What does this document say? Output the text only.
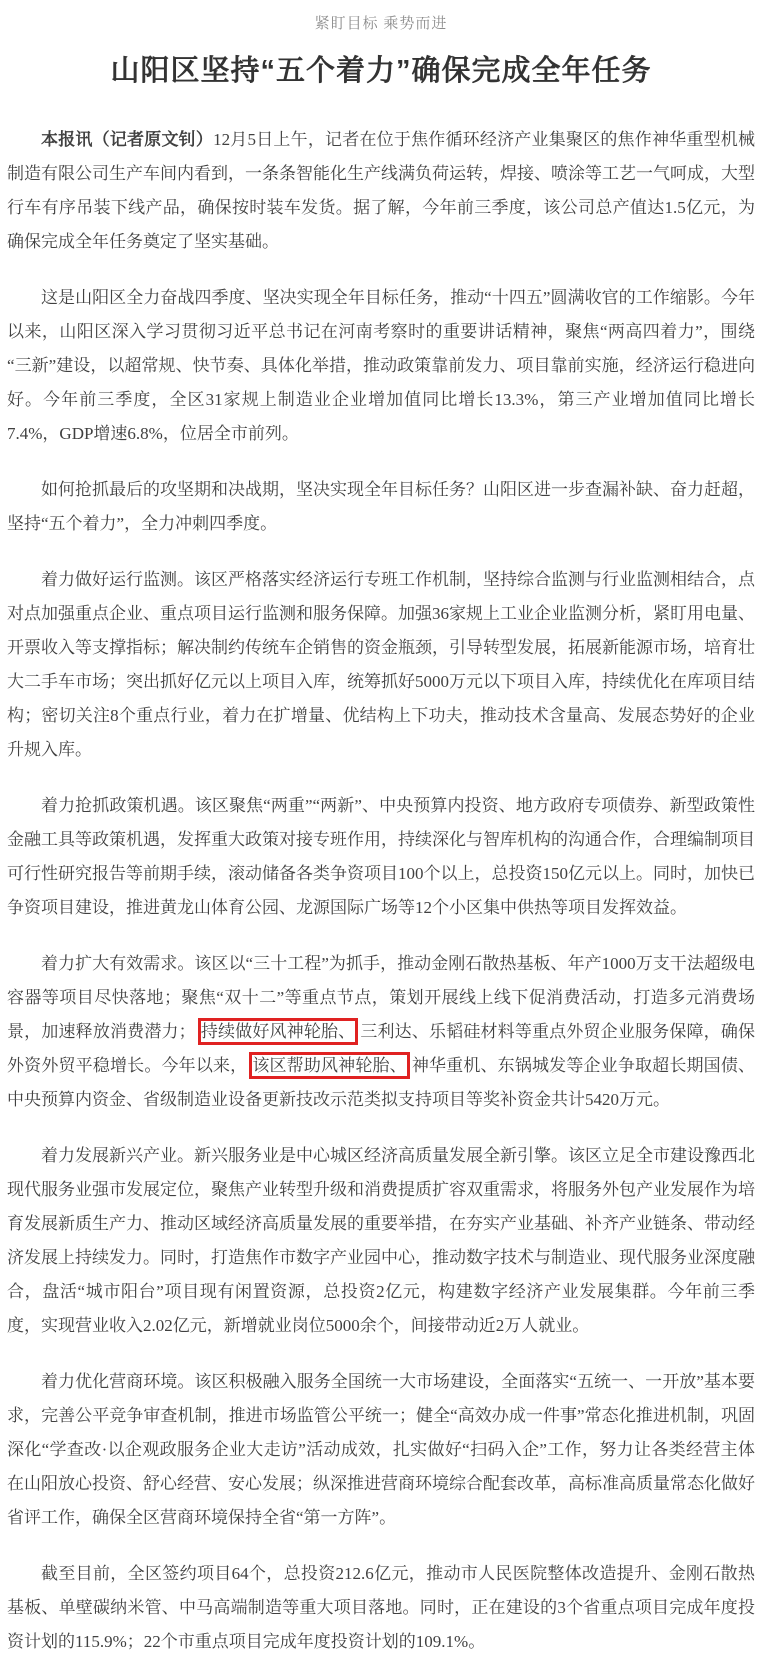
紧盯目标 乘势而进

山阳区坚持“五个着力”确保完成全年任务

本报讯（记者原文钊）12月5日上午，记者在位于焦作循环经济产业集聚区的焦作神华重型机械制造有限公司生产车间内看到，一条条智能化生产线满负荷运转，焊接、喷涂等工艺一气呵成，大型行车有序吊装下线产品，确保按时装车发货。据了解，今年前三季度，该公司总产值达1.5亿元，为确保完成全年任务奠定了坚实基础。

这是山阳区全力奋战四季度、坚决实现全年目标任务，推动“十四五”圆满收官的工作缩影。今年以来，山阳区深入学习贯彻习近平总书记在河南考察时的重要讲话精神，聚焦“两高四着力”，围绕“三新”建设，以超常规、快节奏、具体化举措，推动政策靠前发力、项目靠前实施，经济运行稳进向好。今年前三季度，全区31家规上制造业企业增加值同比增长13.3%，第三产业增加值同比增长7.4%，GDP增速6.8%，位居全市前列。

如何抢抓最后的攻坚期和决战期，坚决实现全年目标任务？山阳区进一步查漏补缺、奋力赶超，坚持“五个着力”，全力冲刺四季度。

着力做好运行监测。该区严格落实经济运行专班工作机制，坚持综合监测与行业监测相结合，点对点加强重点企业、重点项目运行监测和服务保障。加强36家规上工业企业监测分析，紧盯用电量、开票收入等支撑指标；解决制约传统车企销售的资金瓶颈，引导转型发展，拓展新能源市场，培育壮大二手车市场；突出抓好亿元以上项目入库，统筹抓好5000万元以下项目入库，持续优化在库项目结构；密切关注8个重点行业，着力在扩增量、优结构上下功夫，推动技术含量高、发展态势好的企业升规入库。

着力抢抓政策机遇。该区聚焦“两重”“两新”、中央预算内投资、地方政府专项债券、新型政策性金融工具等政策机遇，发挥重大政策对接专班作用，持续深化与智库机构的沟通合作，合理编制项目可行性研究报告等前期手续，滚动储备各类争资项目100个以上，总投资150亿元以上。同时，加快已争资项目建设，推进黄龙山体育公园、龙源国际广场等12个小区集中供热等项目发挥效益。

着力扩大有效需求。该区以“三十工程”为抓手，推动金刚石散热基板、年产1000万支干法超级电容器等项目尽快落地；聚焦“双十二”等重点节点，策划开展线上线下促消费活动，打造多元消费场景，加速释放消费潜力； 持续做好风神轮胎、 三利达、乐韬硅材料等重点外贸企业服务保障，确保外资外贸平稳增长。今年以来， 该区帮助风神轮胎、 神华重机、东锅城发等企业争取超长期国债、中央预算内资金、省级制造业设备更新技改示范类拟支持项目等奖补资金共计5420万元。

着力发展新兴产业。新兴服务业是中心城区经济高质量发展全新引擎。该区立足全市建设豫西北现代服务业强市发展定位，聚焦产业转型升级和消费提质扩容双重需求，将服务外包产业发展作为培育发展新质生产力、推动区域经济高质量发展的重要举措，在夯实产业基础、补齐产业链条、带动经济发展上持续发力。同时，打造焦作市数字产业园中心，推动数字技术与制造业、现代服务业深度融合，盘活“城市阳台”项目现有闲置资源，总投资2亿元，构建数字经济产业发展集群。今年前三季度，实现营业收入2.02亿元，新增就业岗位5000余个，间接带动近2万人就业。

着力优化营商环境。该区积极融入服务全国统一大市场建设，全面落实“五统一、一开放”基本要求，完善公平竞争审查机制，推进市场监管公平统一；健全“高效办成一件事”常态化推进机制，巩固深化“学查改·以企观政服务企业大走访”活动成效，扎实做好“扫码入企”工作，努力让各类经营主体在山阳放心投资、舒心经营、安心发展；纵深推进营商环境综合配套改革，高标准高质量常态化做好省评工作，确保全区营商环境保持全省“第一方阵”。

截至目前，全区签约项目64个，总投资212.6亿元，推动市人民医院整体改造提升、金刚石散热基板、单壁碳纳米管、中马高端制造等重大项目落地。同时，正在建设的3个省重点项目完成年度投资计划的115.9%；22个市重点项目完成年度投资计划的109.1%。
